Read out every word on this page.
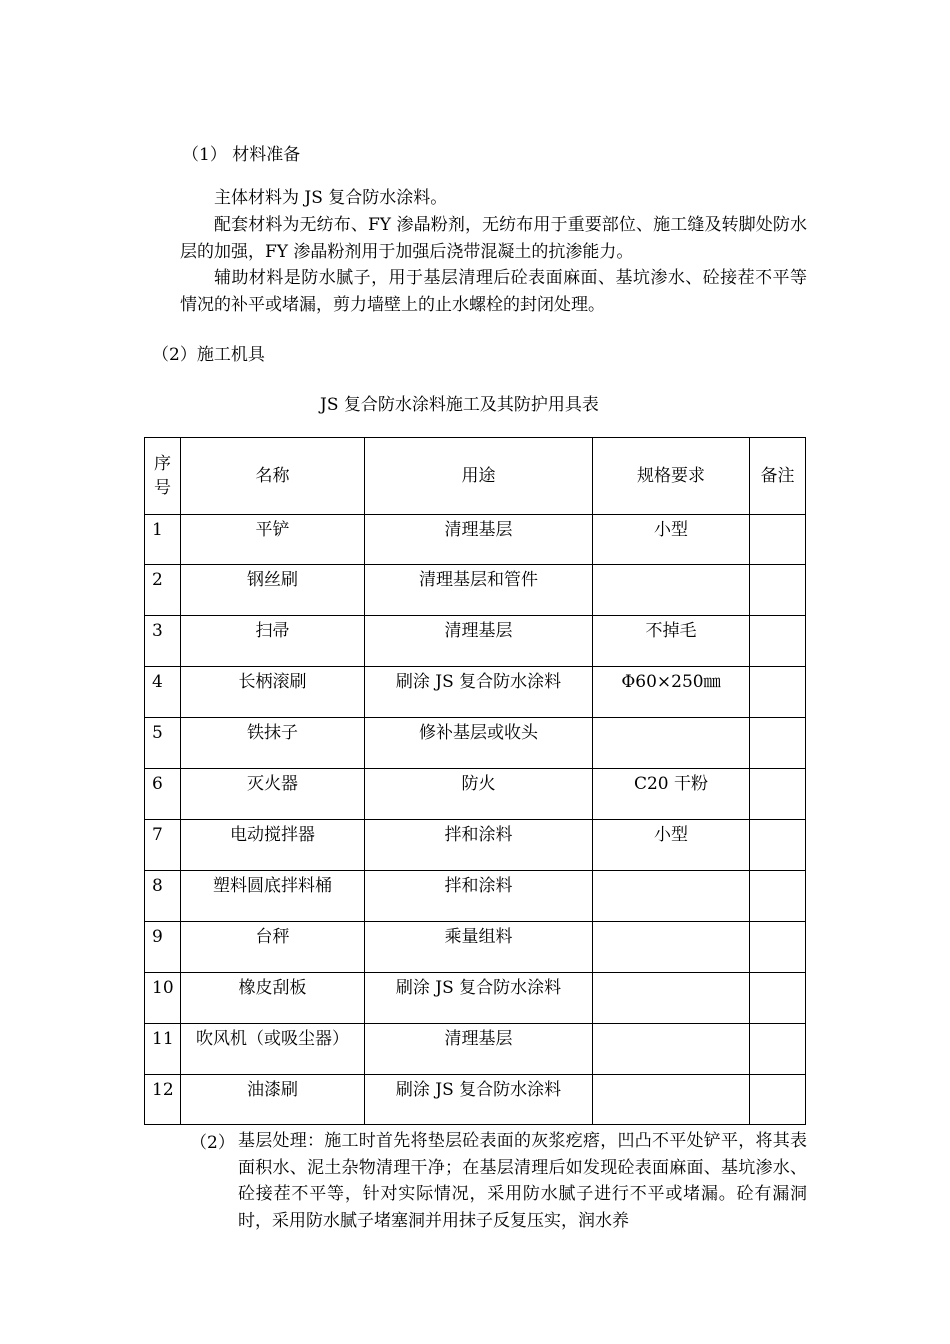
（1） 材料准备
主体材料为 JS 复合防水涂料。
配套材料为无纺布、FY 渗晶粉剂，无纺布用于重要部位、施工缝及转脚处防水层的加强，FY 渗晶粉剂用于加强后浇带混凝土的抗渗能力。
辅助材料是防水腻子，用于基层清理后砼表面麻面、基坑渗水、砼接茬不平等情况的补平或堵漏，剪力墙壁上的止水螺栓的封闭处理。
（2）施工机具
JS 复合防水涂料施工及其防护用具表
序号	名称	用途	规格要求	备注
1	平铲	清理基层	小型	
2	钢丝刷	清理基层和管件		
3	扫帚	清理基层	不掉毛	
4	长柄滚刷	刷涂 JS 复合防水涂料	Φ60×250㎜	
5	铁抹子	修补基层或收头		
6	灭火器	防火	C20 干粉	
7	电动搅拌器	拌和涂料	小型	
8	塑料圆底拌料桶	拌和涂料		
9	台秤	乘量组料		
10	橡皮刮板	刷涂 JS 复合防水涂料		
11	吹风机（或吸尘器）	清理基层		
12	油漆刷	刷涂 JS 复合防水涂料		
（2） 基层处理：施工时首先将垫层砼表面的灰浆疙瘩，凹凸不平处铲平，将其表面积水、泥土杂物清理干净；在基层清理后如发现砼表面麻面、基坑渗水、砼接茬不平等，针对实际情况，采用防水腻子进行不平或堵漏。砼有漏洞时，采用防水腻子堵塞洞并用抹子反复压实，润水养
